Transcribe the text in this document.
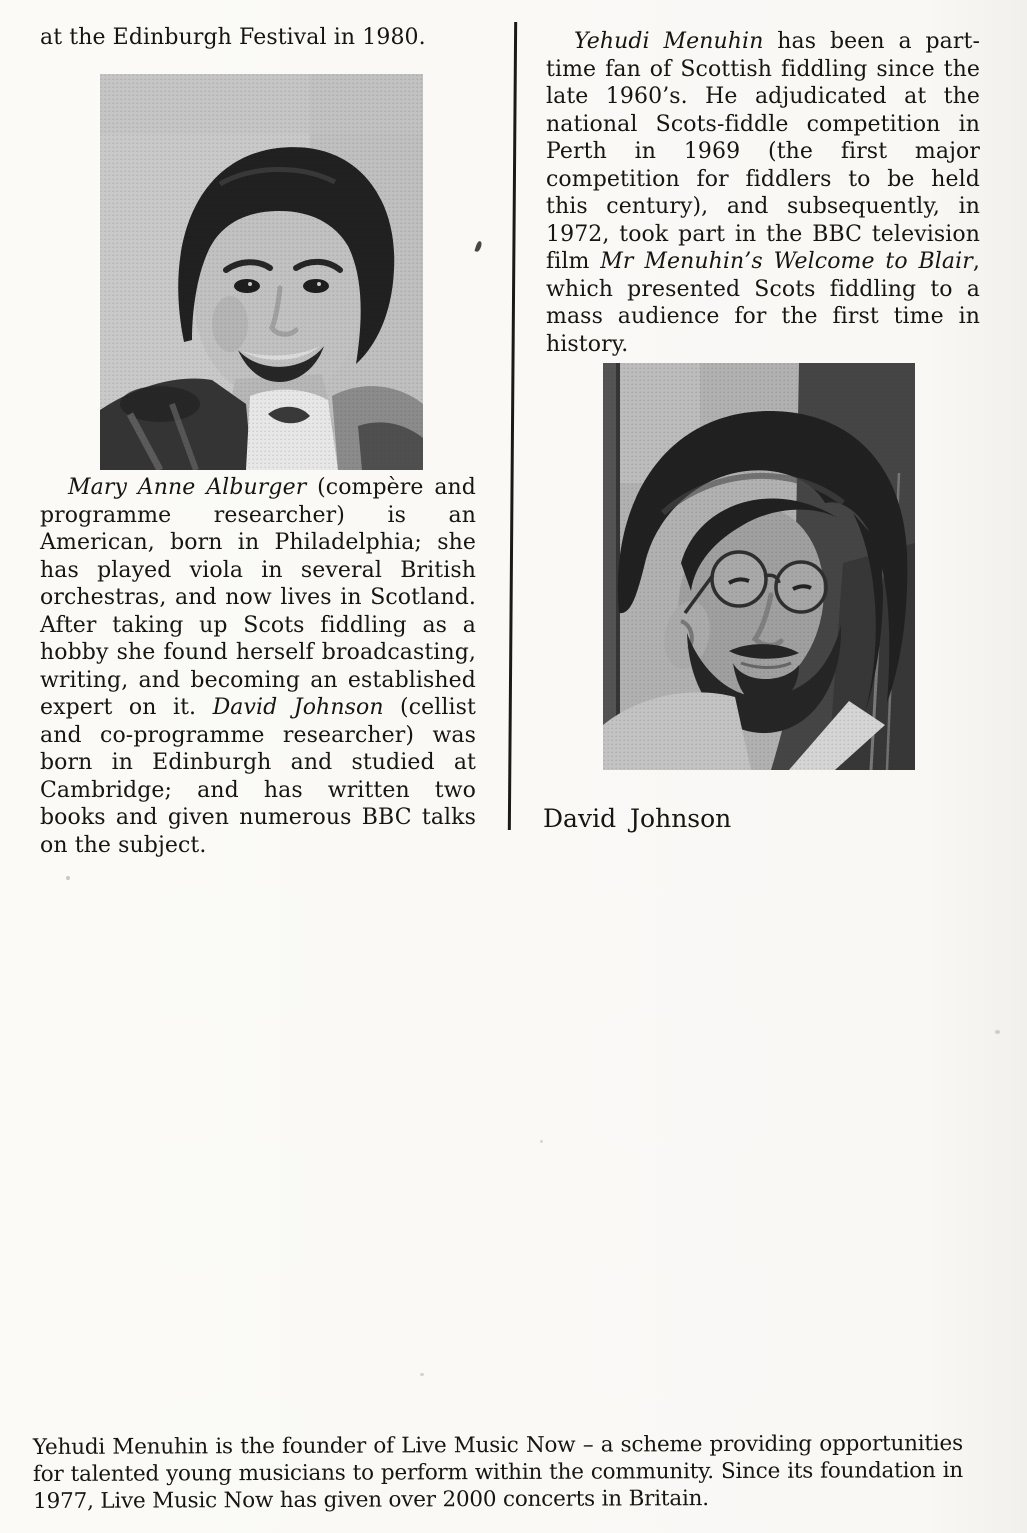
at the Edinburgh Festival in 1980.

Mary Anne Alburger (compère and programme researcher) is an American, born in Philadelphia; she has played viola in several British orchestras, and now lives in Scotland. After taking up Scots fiddling as a hobby she found herself broadcasting, writing, and becoming an established expert on it. David Johnson (cellist and co-programme researcher) was born in Edinburgh and studied at Cambridge; and has written two books and given numerous BBC talks on the subject.

Yehudi Menuhin has been a part-time fan of Scottish fiddling since the late 1960’s. He adjudicated at the national Scots-fiddle competition in Perth in 1969 (the first major competition for fiddlers to be held this century), and subsequently, in 1972, took part in the BBC television film Mr Menuhin’s Welcome to Blair, which presented Scots fiddling to a mass audience for the first time in history.

David Johnson

Yehudi Menuhin is the founder of Live Music Now – a scheme providing opportunities for talented young musicians to perform within the community. Since its foundation in 1977, Live Music Now has given over 2000 concerts in Britain.
